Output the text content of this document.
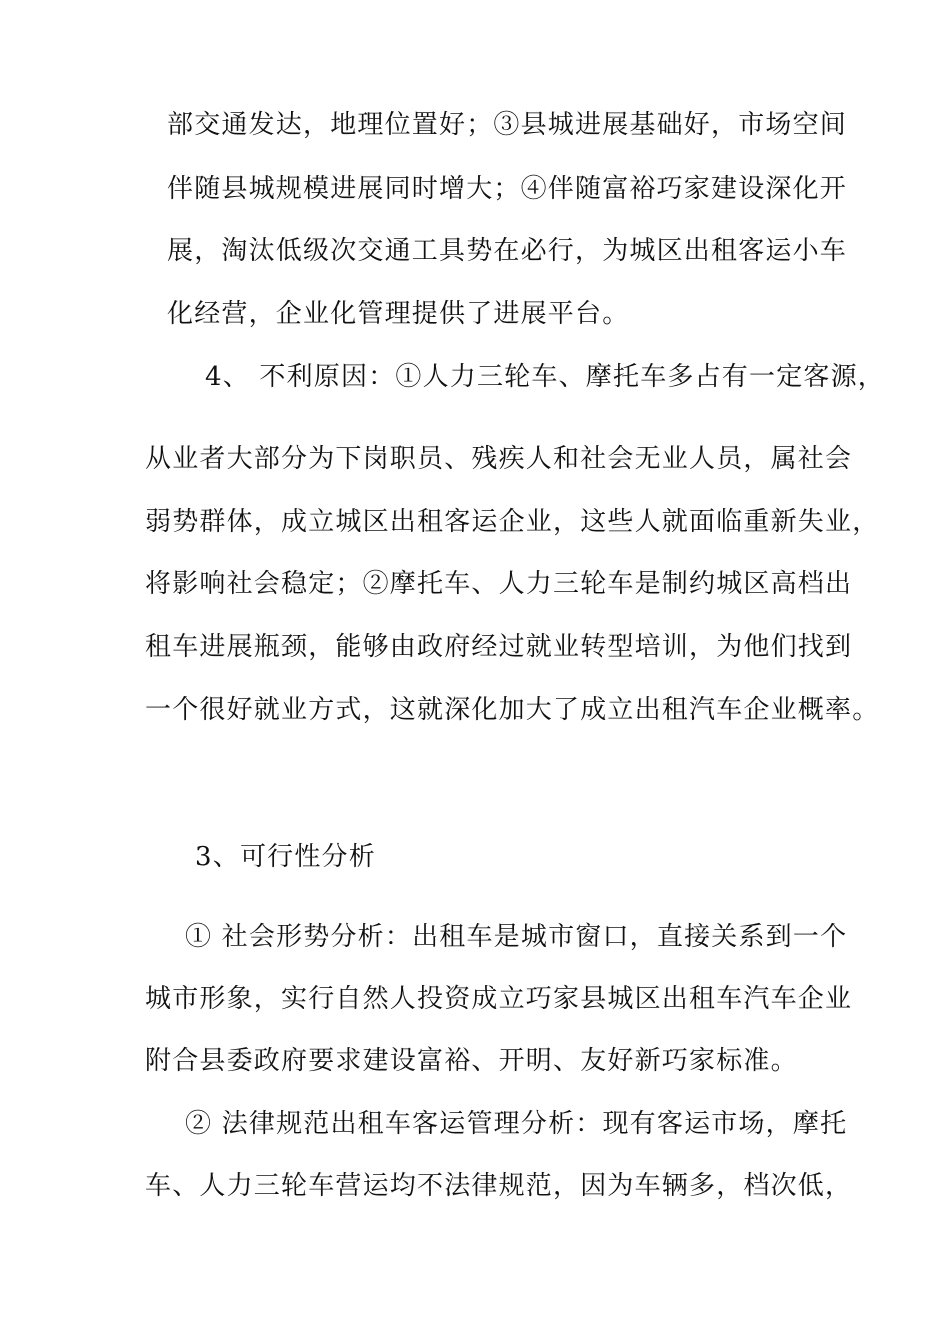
部交通发达，地理位置好；③县城进展基础好，市场空间
伴随县城规模进展同时增大；④伴随富裕巧家建设深化开
展，淘汰低级次交通工具势在必行，为城区出租客运小车
化经营，企业化管理提供了进展平台。
4、 不利原因：①人力三轮车、摩托车多占有一定客源，
从业者大部分为下岗职员、残疾人和社会无业人员，属社会
弱势群体，成立城区出租客运企业，这些人就面临重新失业，
将影响社会稳定；②摩托车、人力三轮车是制约城区高档出
租车进展瓶颈，能够由政府经过就业转型培训，为他们找到
一个很好就业方式，这就深化加大了成立出租汽车企业概率。
3、可行性分析
① 社会形势分析：出租车是城市窗口，直接关系到一个
城市形象，实行自然人投资成立巧家县城区出租车汽车企业
附合县委政府要求建设富裕、开明、友好新巧家标准。
② 法律规范出租车客运管理分析：现有客运市场，摩托
车、人力三轮车营运均不法律规范，因为车辆多，档次低，
